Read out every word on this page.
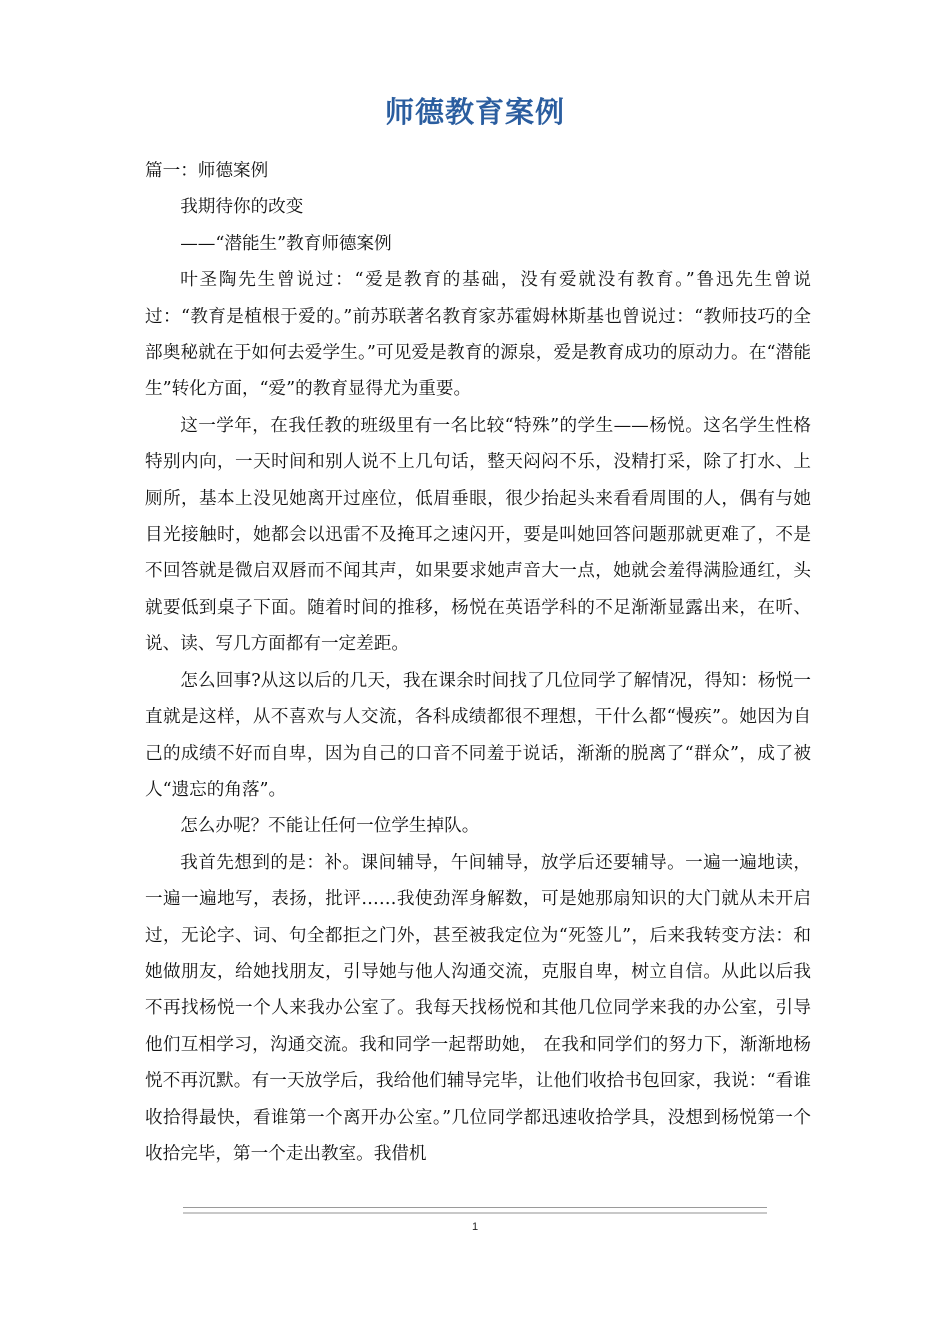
师德教育案例

篇一：师德案例

我期待你的改变

——“潜能生”教育师德案例

叶圣陶先生曾说过：“爱是教育的基础，没有爱就没有教育。”鲁迅先生曾说过：“教育是植根于爱的。”前苏联著名教育家苏霍姆林斯基也曾说过：“教师技巧的全部奥秘就在于如何去爱学生。”可见爱是教育的源泉，爱是教育成功的原动力。在“潜能生”转化方面，“爱”的教育显得尤为重要。

这一学年，在我任教的班级里有一名比较“特殊”的学生——杨悦。这名学生性格特别内向，一天时间和别人说不上几句话，整天闷闷不乐，没精打采，除了打水、上厕所，基本上没见她离开过座位，低眉垂眼，很少抬起头来看看周围的人，偶有与她目光接触时，她都会以迅雷不及掩耳之速闪开，要是叫她回答问题那就更难了，不是不回答就是微启双唇而不闻其声，如果要求她声音大一点，她就会羞得满脸通红，头就要低到桌子下面。随着时间的推移，杨悦在英语学科的不足渐渐显露出来，在听、说、读、写几方面都有一定差距。

怎么回事?从这以后的几天，我在课余时间找了几位同学了解情况，得知：杨悦一直就是这样，从不喜欢与人交流，各科成绩都很不理想，干什么都“慢疾”。她因为自己的成绩不好而自卑，因为自己的口音不同羞于说话，渐渐的脱离了“群众”，成了被人“遗忘的角落”。

怎么办呢？不能让任何一位学生掉队。

我首先想到的是：补。课间辅导，午间辅导，放学后还要辅导。一遍一遍地读，一遍一遍地写，表扬，批评……我使劲浑身解数，可是她那扇知识的大门就从未开启过，无论字、词、句全都拒之门外，甚至被我定位为“死签儿”，后来我转变方法：和她做朋友，给她找朋友，引导她与他人沟通交流，克服自卑，树立自信。从此以后我不再找杨悦一个人来我办公室了。我每天找杨悦和其他几位同学来我的办公室，引导他们互相学习，沟通交流。我和同学一起帮助她， 在我和同学们的努力下，渐渐地杨悦不再沉默。有一天放学后，我给他们辅导完毕，让他们收拾书包回家，我说：“看谁收拾得最快，看谁第一个离开办公室。”几位同学都迅速收拾学具，没想到杨悦第一个收拾完毕，第一个走出教室。我借机

1
